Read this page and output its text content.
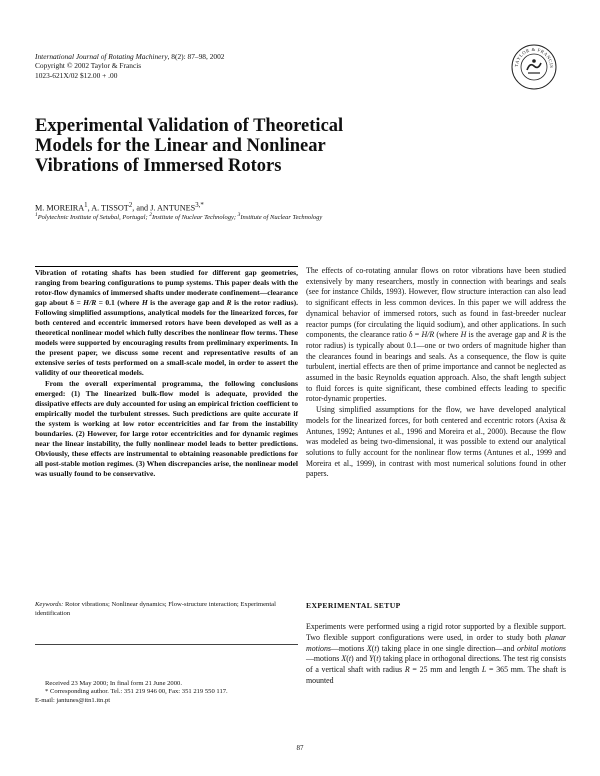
International Journal of Rotating Machinery, 8(2): 87–98, 2002
Copyright © 2002 Taylor & Francis
1023-621X/02 $12.00 + .00
TAYLOR & FRANCIS
Experimental Validation of Theoretical
Models for the Linear and Nonlinear
Vibrations of Immersed Rotors
M. MOREIRA$^1$, A. TISSOT$^2$, and J. $ANTUNES^{3,*}$
$^1$Polytechnic Institute of Setubal, Portugal; $^2$Institute of Nuclear Technology; $^3$Institute of Nuclear Technology

Vibration of rotating shafts has been studied for different gap geometries, ranging from bearing configurations to pump systems. This paper deals with the rotor-flow dynamics of immersed shafts under moderate confinement—clearance gap about δ = H/R = 0.1 (where H is the average gap and R is the rotor radius). Following simplified assumptions, analytical models for the linearized forces, for both centered and eccentric immersed rotors have been developed as well as a theoretical nonlinear model which fully describes the nonlinear flow terms. These models were supported by encouraging results from preliminary experiments. In the present paper, we discuss some recent and representative results of an extensive series of tests performed on a small-scale model, in order to assert the validity of our theoretical models.

From the overall experimental programma, the following conclusions emerged: (1) The linearized bulk-flow model is adequate, provided the dissipative effects are duly accounted for using an empirical friction coefficient to empirically model the turbulent stresses. Such predictions are quite accurate if the system is working at low rotor eccentricities and far from the instability boundaries. (2) However, for large rotor eccentricities and for dynamic regimes near the linear instability, the fully nonlinear model leads to better predictions. Obviously, these effects are instrumental to obtaining reasonable predictions for all post-stable motion regimes. (3) When discrepancies arise, the nonlinear model was usually found to be conservative.

Keywords: Rotor vibrations; Nonlinear dynamics; Flow-structure interaction; Experimental identification
Received 23 May 2000; In final form 21 June 2000.
* Corresponding author. Tel.: 351 219 946 00, Fax: 351 219 550 117.
E-mail: jantunes@itn1.itn.pt

The effects of co-rotating annular flows on rotor vibrations have been studied extensively by many researchers, mostly in connection with bearings and seals (see for instance Childs, 1993). However, flow structure interaction can also lead to significant effects in less common devices. In this paper we will address the dynamical behavior of immersed rotors, such as found in fast-breeder nuclear reactor pumps (for circulating the liquid sodium), and other applications. In such components, the clearance ratio δ = H/R (where H is the average gap and R is the rotor radius) is typically about 0.1—one or two orders of magnitude higher than the clearances found in bearings and seals. As a consequence, the flow is quite turbulent, inertial effects are then of prime importance and cannot be neglected as assumed in the basic Reynolds equation approach. Also, the shaft length subject to fluid forces is quite significant, these combined effects leading to specific rotor-dynamic properties.

Using simplified assumptions for the flow, we have developed analytical models for the linearized forces, for both centered and eccentric rotors (Axisa & Antunes, 1992; Antunes et al., 1996 and Moreira et al., 2000). Because the flow was modeled as being two-dimensional, it was possible to extend our analytical solutions to fully account for the nonlinear flow terms (Antunes et al., 1999 and Moreira et al., 1999), in contrast with most numerical solutions found in other papers.

EXPERIMENTAL SETUP

Experiments were performed using a rigid rotor supported by a flexible support. Two flexible support configurations were used, in order to study both planar motions—motions X(t) taking place in one single direction—and orbital motions—motions X(t) and Y(t) taking place in orthogonal directions. The test rig consists of a vertical shaft with radius R = 25 mm and length L = 365 mm. The shaft is mounted

87
